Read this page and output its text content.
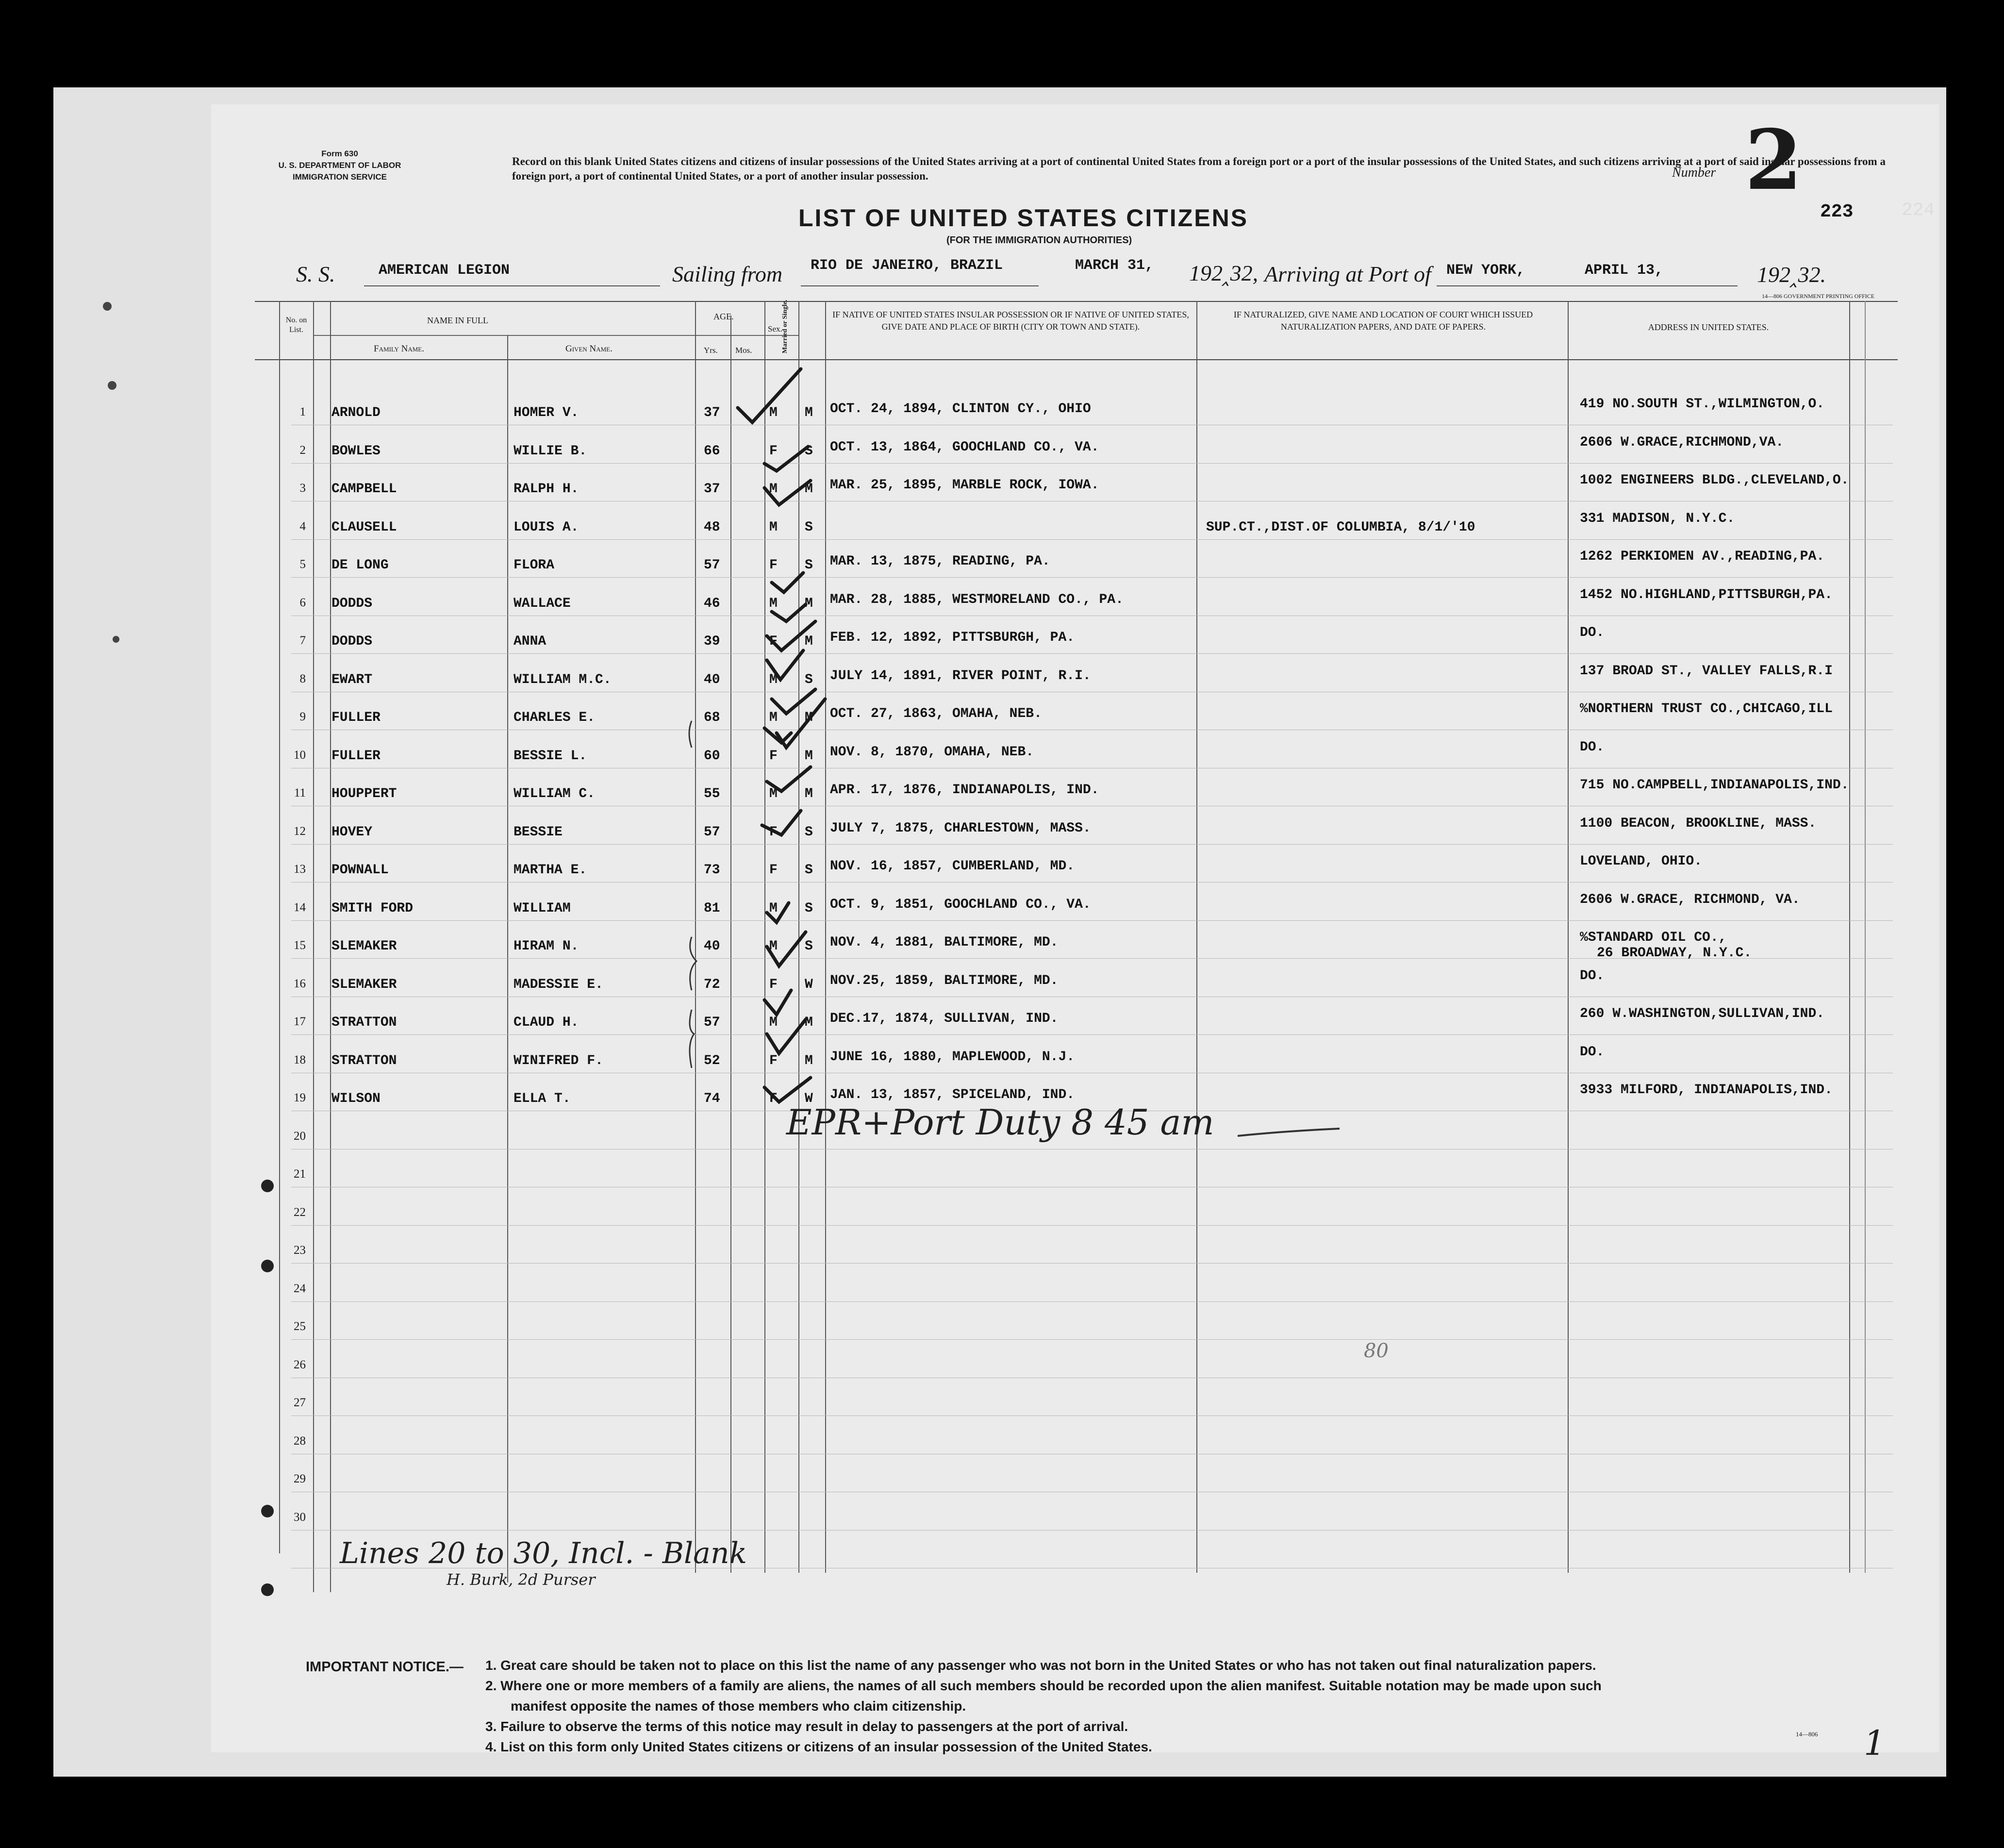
Form 630
U. S. DEPARTMENT OF LABOR
IMMIGRATION SERVICE
Record on this blank United States citizens and citizens of insular possessions of the United States arriving at a port of continental United States from a foreign port or a port of the insular possessions of the United States, and such citizens arriving at a port of said insular possessions from a foreign port, a port of continental United States, or a port of another insular possession.	Number 2
223	224
LIST OF UNITED STATES CITIZENS
(FOR THE IMMIGRATION AUTHORITIES)
S. S.	AMERICAN LEGION	Sailing from RIO DE JANEIRO, BRAZIL	MARCH 31, 192‸32, Arriving at Port of NEW YORK,	APRIL 13,	192‸32.
14—806 GOVERNMENT PRINTING OFFICE
No. on List.
NAME IN FULL
Family Name.	Given Name.
AGE.
Yrs. Mos.
Sex.
Married or Single.	IF NATIVE OF UNITED STATES INSULAR POSSESSION OR IF NATIVE OF UNITED STATES, GIVE DATE AND PLACE OF BIRTH (CITY OR TOWN AND STATE).
IF NATURALIZED, GIVE NAME AND LOCATION OF COURT WHICH ISSUED NATURALIZATION PAPERS, AND DATE OF PAPERS.	ADDRESS IN UNITED STATES.
1 ARNOLD	HOMER V.	37	M M OCT. 24, 1894, CLINTON CY., OHIO	419 NO.SOUTH ST.,WILMINGTON,O.
2 BOWLES	WILLIE B.	66	F S OCT. 13, 1864, GOOCHLAND CO., VA.	2606 W.GRACE,RICHMOND,VA.
3 CAMPBELL	RALPH H.	37	M M MAR. 25, 1895, MARBLE ROCK, IOWA.	1002 ENGINEERS BLDG.,CLEVELAND,O.
4 CLAUSELL	LOUIS A.	48	M S	SUP.CT.,DIST.OF COLUMBIA, 8/1/'10
331 MADISON, N.Y.C.
5 DE LONG	FLORA	57	F S MAR. 13, 1875, READING, PA.	1262 PERKIOMEN AV.,READING,PA.
6 DODDS	WALLACE	46	M M MAR. 28, 1885, WESTMORELAND CO., PA.	1452 NO.HIGHLAND,PITTSBURGH,PA.
7 DODDS	ANNA	39	F M FEB. 12, 1892, PITTSBURGH, PA.	DO.
8 EWART	WILLIAM M.C.	40	M S JULY 14, 1891, RIVER POINT, R.I.	137 BROAD ST., VALLEY FALLS,R.I
9 FULLER	CHARLES E.	68	M M OCT. 27, 1863, OMAHA, NEB.	%NORTHERN TRUST CO.,CHICAGO,ILL
10 FULLER	BESSIE L.	60	F M NOV. 8, 1870, OMAHA, NEB.	DO.
11 HOUPPERT	WILLIAM C.	55	M M APR. 17, 1876, INDIANAPOLIS, IND.	715 NO.CAMPBELL,INDIANAPOLIS,IND.
12 HOVEY	BESSIE	57	F S JULY 7, 1875, CHARLESTOWN, MASS.	1100 BEACON, BROOKLINE, MASS.
13 POWNALL	MARTHA E.	73	F S NOV. 16, 1857, CUMBERLAND, MD.	LOVELAND, OHIO.
14 SMITH FORD	WILLIAM	81	M S OCT. 9, 1851, GOOCHLAND CO., VA.	2606 W.GRACE, RICHMOND, VA.
15 SLEMAKER	HIRAM N.	40	M S NOV. 4, 1881, BALTIMORE, MD.	%STANDARD OIL CO.,
26 BROADWAY, N.Y.C.
16 SLEMAKER	MADESSIE E.	72	F W NOV.25, 1859, BALTIMORE, MD.	DO.
17 STRATTON	CLAUD H.	57	M M DEC.17, 1874, SULLIVAN, IND.	260 W.WASHINGTON,SULLIVAN,IND.
18 STRATTON	WINIFRED F.	52	F M JUNE 16, 1880, MAPLEWOOD, N.J.	DO.
19 WILSON	ELLA T.	74	F W JAN. 13, 1857, SPICELAND, IND.	3933 MILFORD, INDIANAPOLIS,IND.
20
21
22
23
24
25
26
27
28
29
30
EPR+Port Duty 8 45 am
Lines 20 to 30, Incl. - Blank
H. Burk, 2d Purser
80
1
IMPORTANT NOTICE.— 1. Great care should be taken not to place on this list the name of any passenger who was not born in the United States or who has not taken out final naturalization papers.
2. Where one or more members of a family are aliens, the names of all such members should be recorded upon the alien manifest. Suitable notation may be made upon such
manifest opposite the names of those members who claim citizenship.
3. Failure to observe the terms of this notice may result in delay to passengers at the port of arrival.
4. List on this form only United States citizens or citizens of an insular possession of the United States.
14—806
